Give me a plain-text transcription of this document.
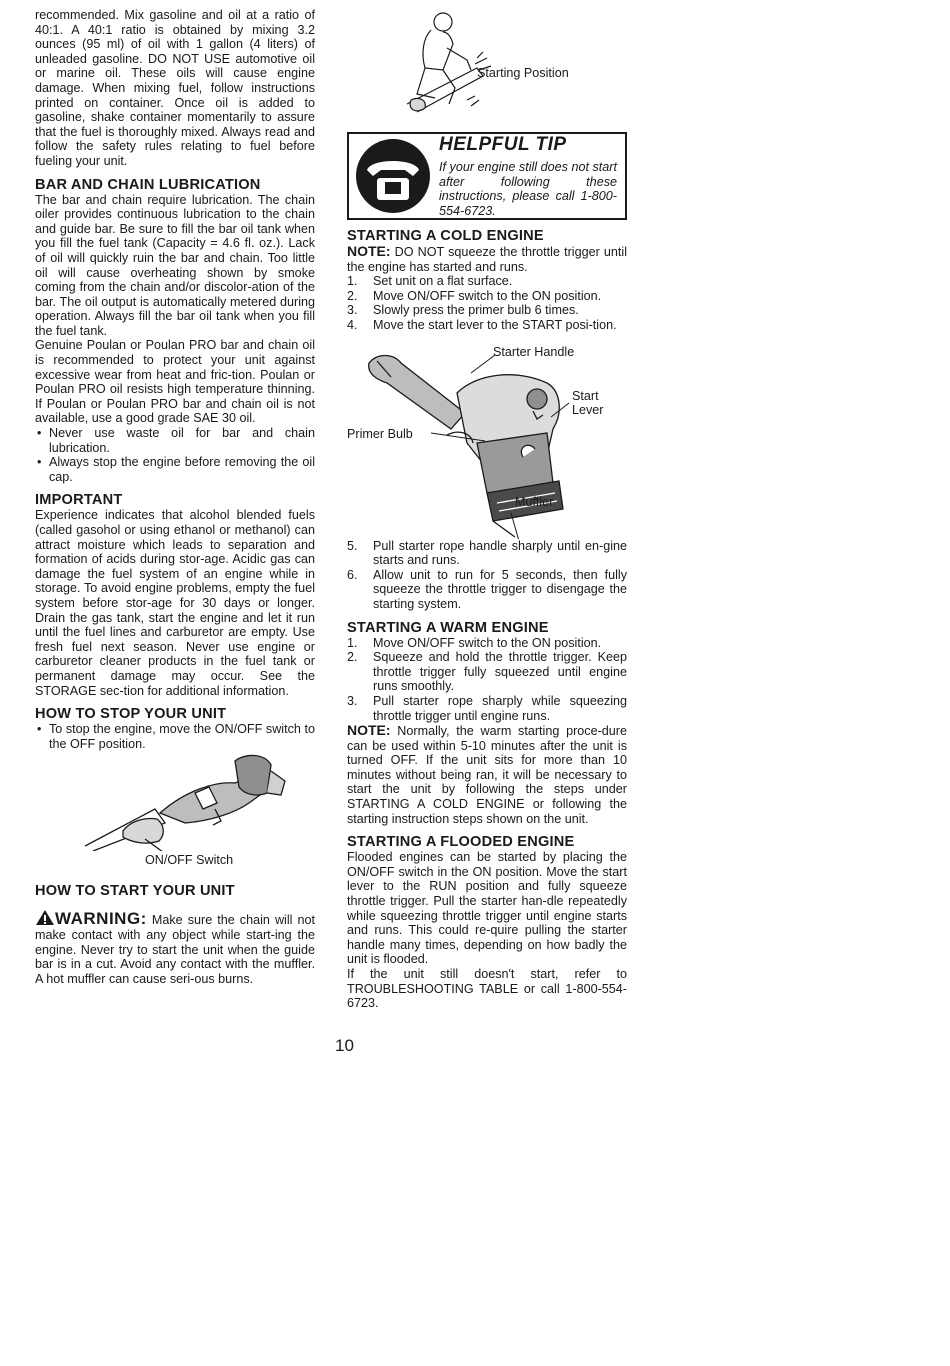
recommended. Mix gasoline and oil at a ratio of 40:1. A 40:1 ratio is obtained by mixing 3.2 ounces (95 ml) of oil with 1 gallon (4 liters) of unleaded gasoline. DO NOT USE automotive oil or marine oil. These oils will cause engine damage. When mixing fuel, follow instructions printed on container. Once oil is added to gasoline, shake container momentarily to assure that the fuel is thoroughly mixed. Always read and follow the safety rules relating to fuel before fueling your unit.

BAR AND CHAIN LUBRICATION

The bar and chain require lubrication. The chain oiler provides continuous lubrication to the chain and guide bar. Be sure to fill the bar oil tank when you fill the fuel tank (Capacity = 4.6 fl. oz.). Lack of oil will quickly ruin the bar and chain. Too little oil will cause overheating shown by smoke coming from the chain and/or discolor-ation of the bar. The oil output is automatically metered during operation. Always fill the bar oil tank when you fill the fuel tank.

Genuine Poulan or Poulan PRO bar and chain oil is recommended to protect your unit against excessive wear from heat and fric-tion. Poulan or Poulan PRO oil resists high temperature thinning. If Poulan or Poulan PRO bar and chain oil is not available, use a good grade SAE 30 oil.

• Never use waste oil for bar and chain lubrication.
• Always stop the engine before removing the oil cap.
IMPORTANT

Experience indicates that alcohol blended fuels (called gasohol or using ethanol or methanol) can attract moisture which leads to separation and formation of acids during stor-age. Acidic gas can damage the fuel system of an engine while in storage. To avoid engine problems, empty the fuel system before stor-age for 30 days or longer. Drain the gas tank, start the engine and let it run until the fuel lines and carburetor are empty. Use fresh fuel next season. Never use engine or carburetor cleaner products in the fuel tank or permanent damage may occur. See the STORAGE sec-tion for additional information.

HOW TO STOP YOUR UNIT
• To stop the engine, move the ON/OFF switch to the OFF position.
ON/OFF Switch
HOW TO START YOUR UNIT

WARNING: Make sure the chain will not make contact with any object while start-ing the engine. Never try to start the unit when the guide bar is in a cut. Avoid any contact with the muffler. A hot muffler can cause seri-ous burns.

Starting Position
HELPFUL TIP
If your engine still does not start after following these instructions, please call 1-800-554-6723.
STARTING A COLD ENGINE

NOTE: DO NOT squeeze the throttle trigger until the engine has started and runs.

1. Set unit on a flat surface.
2. Move ON/OFF switch to the ON position.
3. Slowly press the primer bulb 6 times.
4. Move the start lever to the START posi-tion.
Starter Handle
Start
Lever
Primer Bulb
Muffler
5. Pull starter rope handle sharply until en-gine starts and runs.
6. Allow unit to run for 5 seconds, then fully squeeze the throttle trigger to disengage the starting system.
STARTING A WARM ENGINE
1. Move ON/OFF switch to the ON position.
2. Squeeze and hold the throttle trigger. Keep throttle trigger fully squeezed until engine runs smoothly.
3. Pull starter rope sharply while squeezing throttle trigger until engine runs.

NOTE: Normally, the warm starting proce-dure can be used within 5-10 minutes after the unit is turned OFF. If the unit sits for more than 10 minutes without being ran, it will be necessary to start the unit by following the steps under STARTING A COLD ENGINE or following the starting instruction steps shown on the unit.

STARTING A FLOODED ENGINE

Flooded engines can be started by placing the ON/OFF switch in the ON position. Move the start lever to the RUN position and fully squeeze throttle trigger. Pull the starter han-dle repeatedly while squeezing throttle trigger until engine starts and runs. This could re-quire pulling the starter handle many times, depending on how badly the unit is flooded.

If the unit still doesn't start, refer to TROUBLESHOOTING TABLE or call 1-800-554-6723.

10
